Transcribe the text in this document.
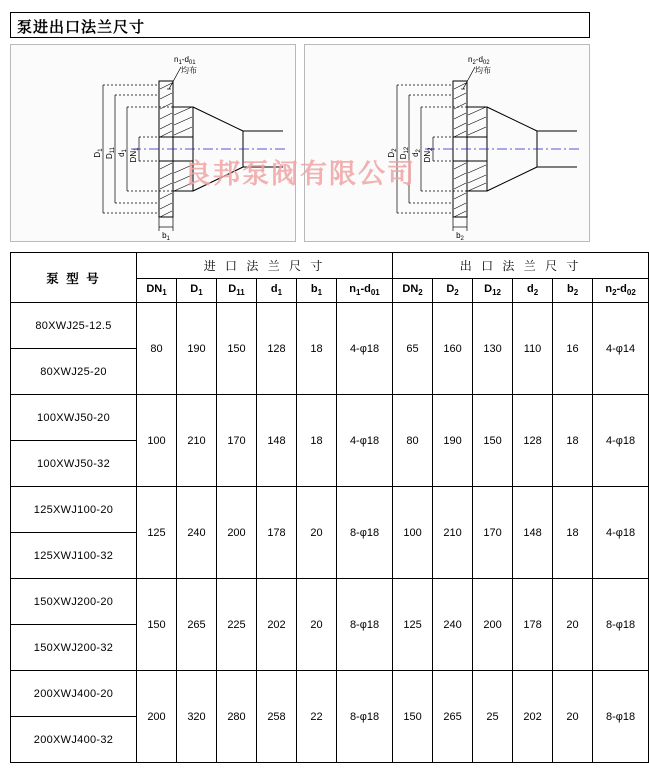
泵进出口法兰尺寸
$n_1-d_{01}$
均布
$D_1$
$D_{11}$
$d_1$
$DN_1$
$b_1$
$n_2-d_{02}$
均布
$D_2$
$D_{12}$
$d_2$
$DN_2$
$b_2$
良邦泵阀有限公司
泵 型 号	进 口 法 兰 尺 寸						出 口 法 兰 尺 寸					
	$DN_1$	$D_1$	$D_{11}$	$d_1$	$b_1$	$n_1-d_{01}$	$DN_2$	$D_2$	$D_{12}$	$d_2$	$b_2$	$n_2-d_{02}$
80XWJ25-12.5	80	190	150	128	18	4-φ18	65	160	130	110	16	4-φ14
80XWJ25-20												
100XWJ50-20	100	210	170	148	18	4-φ18	80	190	150	128	18	4-φ18
100XWJ50-32												
125XWJ100-20	125	240	200	178	20	8-φ18	100	210	170	148	18	4-φ18
125XWJ100-32												
150XWJ200-20	150	265	225	202	20	8-φ18	125	240	200	178	20	8-φ18
150XWJ200-32												
200XWJ400-20	200	320	280	258	22	8-φ18	150	265	25	202	20	8-φ18
200XWJ400-32												
